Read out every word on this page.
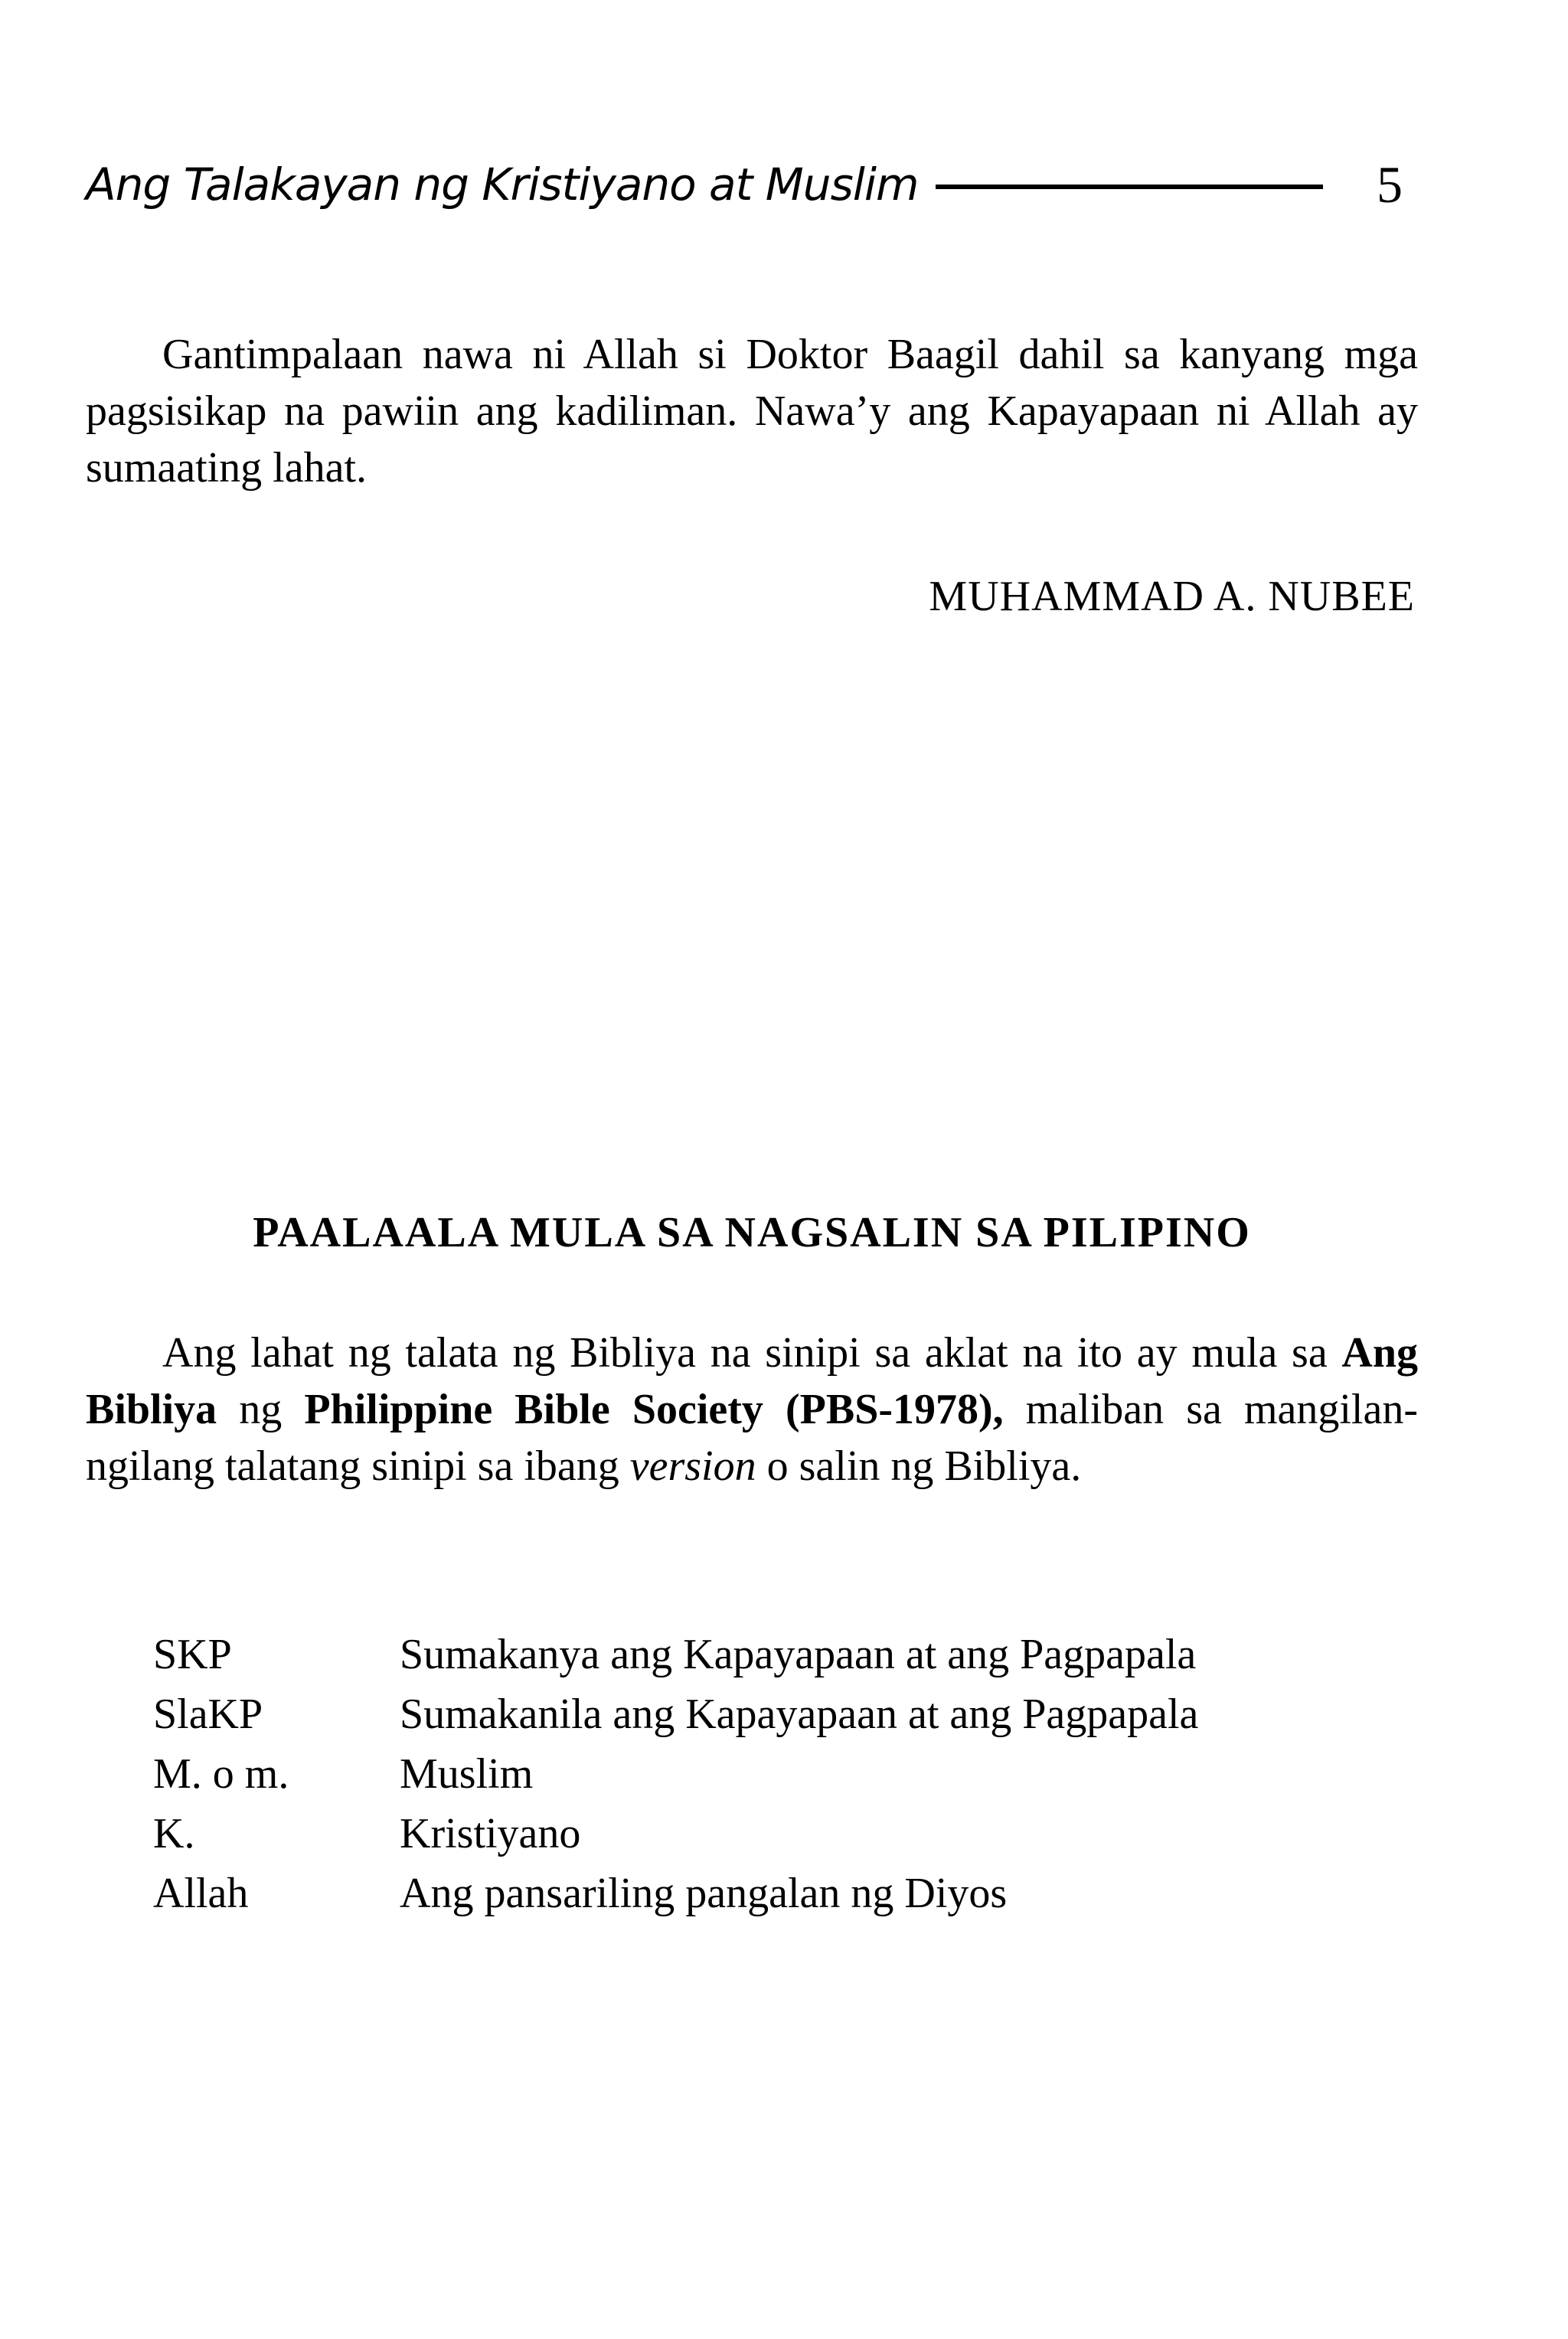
Ang Talakayan ng Kristiyano at Muslim	5

Gantimpalaan nawa ni Allah si Doktor Baagil dahil sa kanyang mga pagsisikap na pawiin ang kadiliman. Nawa’y ang Kapayapaan ni Allah ay sumaating lahat.

MUHAMMAD A. NUBEE
PAALAALA MULA SA NAGSALIN SA PILIPINO

Ang lahat ng talata ng Bibliya na sinipi sa aklat na ito ay mula sa Ang Bibliya ng Philippine Bible Society (PBS-1978), maliban sa mangilan-ngilang talatang sinipi sa ibang version o salin ng Bibliya.

SKP	Sumakanya ang Kapayapaan at ang Pagpapala
SlaKP	Sumakanila ang Kapayapaan at ang Pagpapala
M. o m.	Muslim
K.	Kristiyano
Allah	Ang pansariling pangalan ng Diyos
